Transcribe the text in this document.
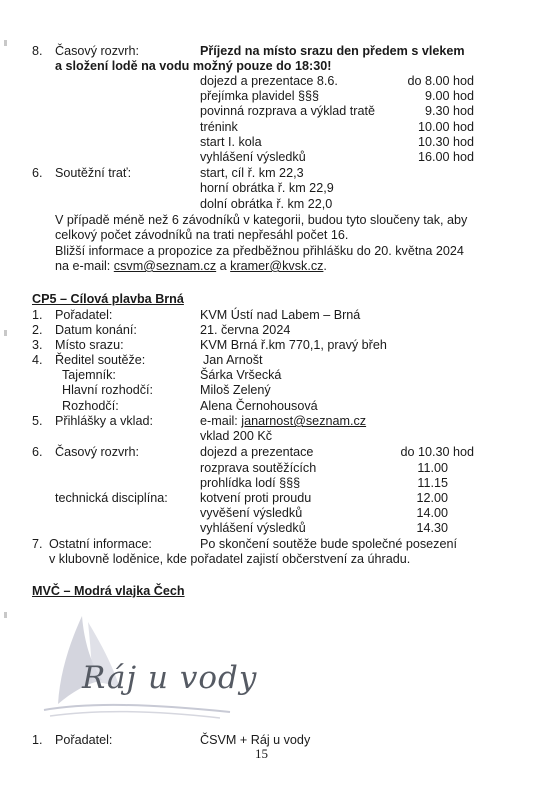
8. Časový rozvrh:	Příjezd na místo srazu den předem s vlekem
a složení lodě na vodu možný pouze do 18:30!
dojezd a prezentace 8.6.	do 8.00 hod
přejímka plavidel §§§	9.00 hod
povinná rozprava a výklad tratě	9.30 hod
trénink	10.00 hod
start I. kola	10.30 hod
vyhlášení výsledků	16.00 hod
6. Soutěžní trať:	start, cíl ř. km 22,3
horní obrátka ř. km 22,9
dolní obrátka ř. km 22,0
V případě méně než 6 závodníků v kategorii, budou tyto sloučeny tak, aby
celkový počet závodníků na trati nepřesáhl počet 16.
Bližší informace a propozice za předběžnou přihlášku do 20. května 2024
na e-mail: csvm@seznam.cz a kramer@kvsk.cz.
CP5 – Cílová plavba Brná
1. Pořadatel:	KVM Ústí nad Labem – Brná
2. Datum konání:	21. června 2024
3. Místo srazu:	KVM Brná ř.km 770,1, pravý břeh
4. Ředitel soutěže:	Jan Arnošt
Tajemník:	Šárka Vršecká
Hlavní rozhodčí:	Miloš Zelený
Rozhodčí:	Alena Černohousová
5. Přihlášky a vklad:	e-mail: janarnost@seznam.cz
vklad 200 Kč
6. Časový rozvrh:	dojezd a prezentace	do 10.30 hod
rozprava soutěžících	11.00
prohlídka lodí §§§	11.15
technická disciplína:	kotvení proti proudu	12.00
vyvěšení výsledků	14.00
vyhlášení výsledků	14.30
7. Ostatní informace:	Po skončení soutěže bude společné posezení
v klubovně loděnice, kde pořadatel zajistí občerstvení za úhradu.
MVČ – Modrá vlajka Čech
Ráj u vody
1. Pořadatel:	ČSVM + Ráj u vody
15
